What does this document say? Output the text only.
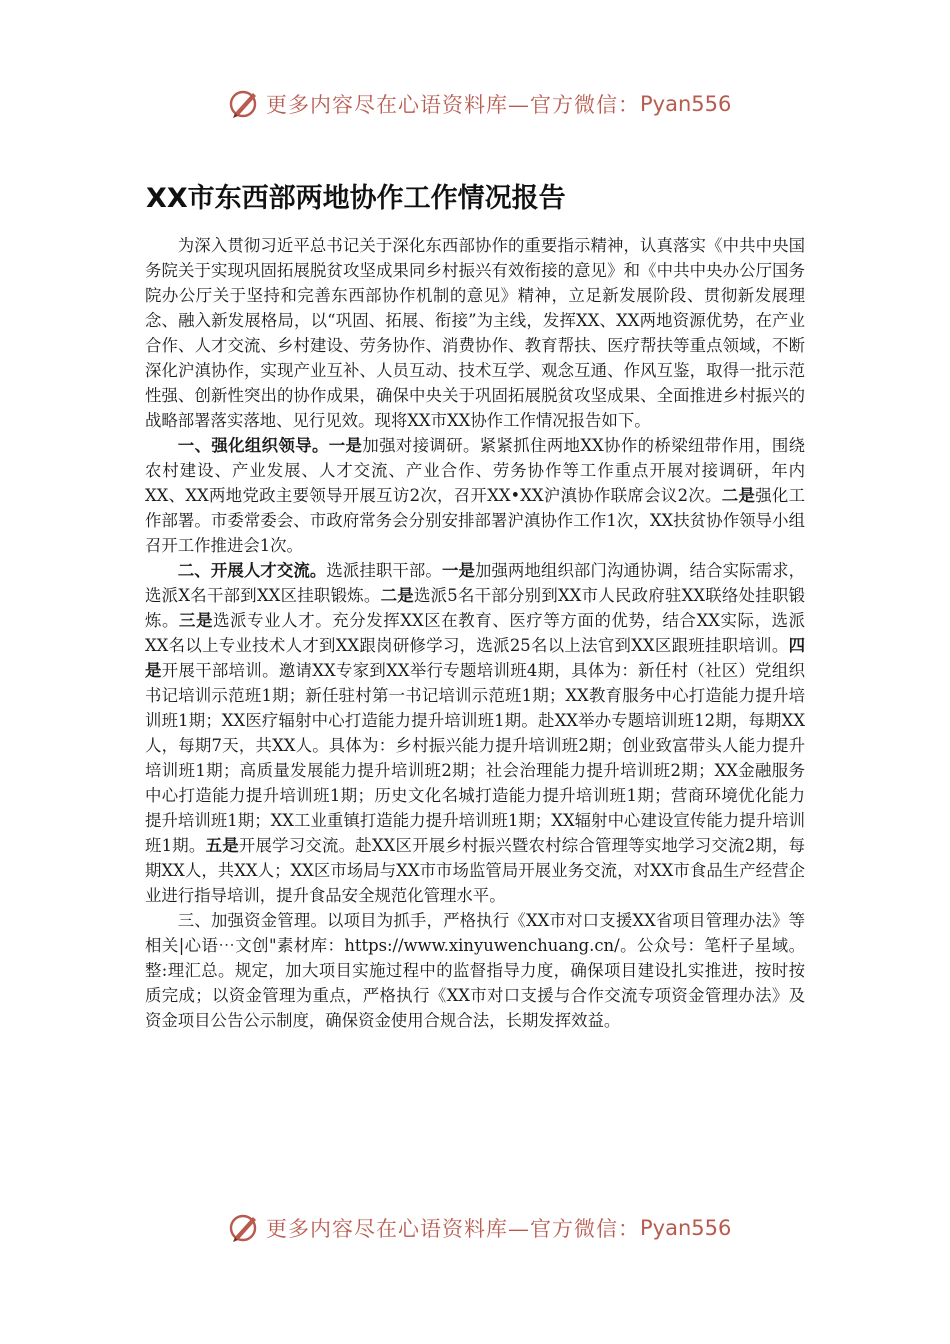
更多内容尽在心语资料库—官方微信： Pyan556
XX市东西部两地协作工作情况报告

为深入贯彻习近平总书记关于深化东西部协作的重要指示精神，认真落实《中共中央国务院关于实现巩固拓展脱贫攻坚成果同乡村振兴有效衔接的意见》和《中共中央办公厅国务院办公厅关于坚持和完善东西部协作机制的意见》精神，立足新发展阶段、贯彻新发展理念、融入新发展格局，以“巩固、拓展、衔接”为主线，发挥XX、XX两地资源优势，在产业合作、人才交流、乡村建设、劳务协作、消费协作、教育帮扶、医疗帮扶等重点领域，不断深化沪滇协作，实现产业互补、人员互动、技术互学、观念互通、作风互鉴，取得一批示范性强、创新性突出的协作成果，确保中央关于巩固拓展脱贫攻坚成果、全面推进乡村振兴的战略部署落实落地、见行见效。现将XX市XX协作工作情况报告如下。

一、强化组织领导。一是加强对接调研。紧紧抓住两地XX协作的桥梁纽带作用，围绕农村建设、产业发展、人才交流、产业合作、劳务协作等工作重点开展对接调研，年内XX、XX两地党政主要领导开展互访2次，召开XX•XX沪滇协作联席会议2次。二是强化工作部署。市委常委会、市政府常务会分别安排部署沪滇协作工作1次，XX扶贫协作领导小组召开工作推进会1次。

二、开展人才交流。选派挂职干部。一是加强两地组织部门沟通协调，结合实际需求，选派X名干部到XX区挂职锻炼。二是选派5名干部分别到XX市人民政府驻XX联络处挂职锻炼。三是选派专业人才。充分发挥XX区在教育、医疗等方面的优势，结合XX实际，选派XX名以上专业技术人才到XX跟岗研修学习，选派25名以上法官到XX区跟班挂职培训。四是开展干部培训。邀请XX专家到XX举行专题培训班4期，具体为：新任村（社区）党组织书记培训示范班1期；新任驻村第一书记培训示范班1期；XX教育服务中心打造能力提升培训班1期；XX医疗辐射中心打造能力提升培训班1期。赴XX举办专题培训班12期，每期XX人，每期7天，共XX人。具体为：乡村振兴能力提升培训班2期；创业致富带头人能力提升培训班1期；高质量发展能力提升培训班2期；社会治理能力提升培训班2期；XX金融服务中心打造能力提升培训班1期；历史文化名城打造能力提升培训班1期；营商环境优化能力提升培训班1期；XX工业重镇打造能力提升培训班1期；XX辐射中心建设宣传能力提升培训班1期。五是开展学习交流。赴XX区开展乡村振兴暨农村综合管理等实地学习交流2期，每期XX人，共XX人；XX区市场局与XX市市场监管局开展业务交流，对XX市食品生产经营企业进行指导培训，提升食品安全规范化管理水平。

三、加强资金管理。以项目为抓手，严格执行《XX市对口支援XX省项目管理办法》等相关|心语⋯文创"素材库：https://www.xinyuwenchuang.cn/。公众号：笔杆子星域。整:理汇总。规定，加大项目实施过程中的监督指导力度，确保项目建设扎实推进，按时按质完成；以资金管理为重点，严格执行《XX市对口支援与合作交流专项资金管理办法》及资金项目公告公示制度，确保资金使用合规合法，长期发挥效益。

更多内容尽在心语资料库—官方微信： Pyan556
